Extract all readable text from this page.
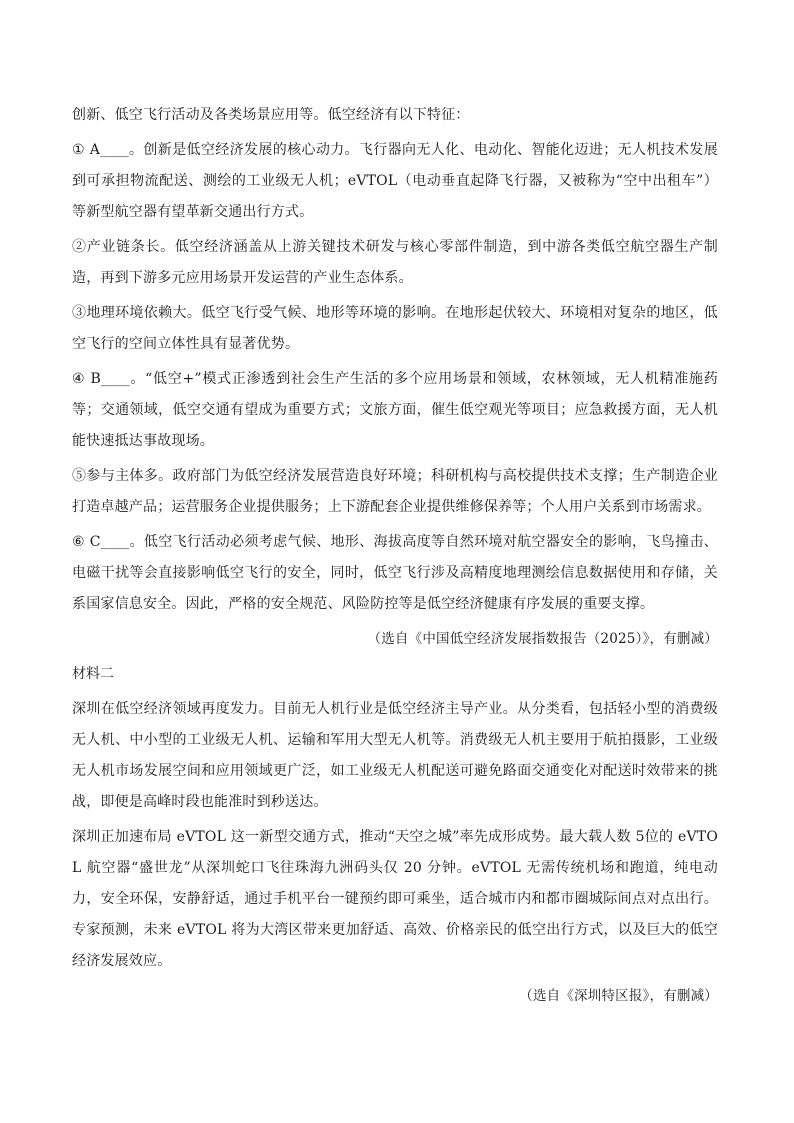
创新、低空飞行活动及各类场景应用等。低空经济有以下特征：

① A____。创新是低空经济发展的核心动力。飞行器向无人化、电动化、智能化迈进；无人机技术发展到可承担物流配送、测绘的工业级无人机；eVTOL（电动垂直起降飞行器，又被称为“空中出租车”）等新型航空器有望革新交通出行方式。

②产业链条长。低空经济涵盖从上游关键技术研发与核心零部件制造，到中游各类低空航空器生产制造，再到下游多元应用场景开发运营的产业生态体系。

③地理环境依赖大。低空飞行受气候、地形等环境的影响。在地形起伏较大、环境相对复杂的地区，低空飞行的空间立体性具有显著优势。

④ B____。“低空+”模式正渗透到社会生产生活的多个应用场景和领域，农林领域，无人机精准施药等；交通领域，低空交通有望成为重要方式；文旅方面，催生低空观光等项目；应急救援方面，无人机能快速抵达事故现场。

⑤参与主体多。政府部门为低空经济发展营造良好环境；科研机构与高校提供技术支撑；生产制造企业打造卓越产品；运营服务企业提供服务；上下游配套企业提供维修保养等；个人用户关系到市场需求。

⑥ C____。低空飞行活动必须考虑气候、地形、海拔高度等自然环境对航空器安全的影响，飞鸟撞击、电磁干扰等会直接影响低空飞行的安全，同时，低空飞行涉及高精度地理测绘信息数据使用和存储，关系国家信息安全。因此，严格的安全规范、风险防控等是低空经济健康有序发展的重要支撑。

（选自《中国低空经济发展指数报告（2025）》，有删减）

材料二

深圳在低空经济领域再度发力。目前无人机行业是低空经济主导产业。从分类看，包括轻小型的消费级无人机、中小型的工业级无人机、运输和军用大型无人机等。消费级无人机主要用于航拍摄影，工业级无人机市场发展空间和应用领域更广泛，如工业级无人机配送可避免路面交通变化对配送时效带来的挑战，即便是高峰时段也能准时到秒送达。

深圳正加速布局 eVTOL 这一新型交通方式，推动“天空之城”率先成形成势。最大载人数 5位的 eVTOL 航空器“盛世龙”从深圳蛇口飞往珠海九洲码头仅 20 分钟。eVTOL 无需传统机场和跑道，纯电动力，安全环保，安静舒适，通过手机平台一键预约即可乘坐，适合城市内和都市圈城际间点对点出行。专家预测，未来 eVTOL 将为大湾区带来更加舒适、高效、价格亲民的低空出行方式，以及巨大的低空经济发展效应。

（选自《深圳特区报》，有删减）
